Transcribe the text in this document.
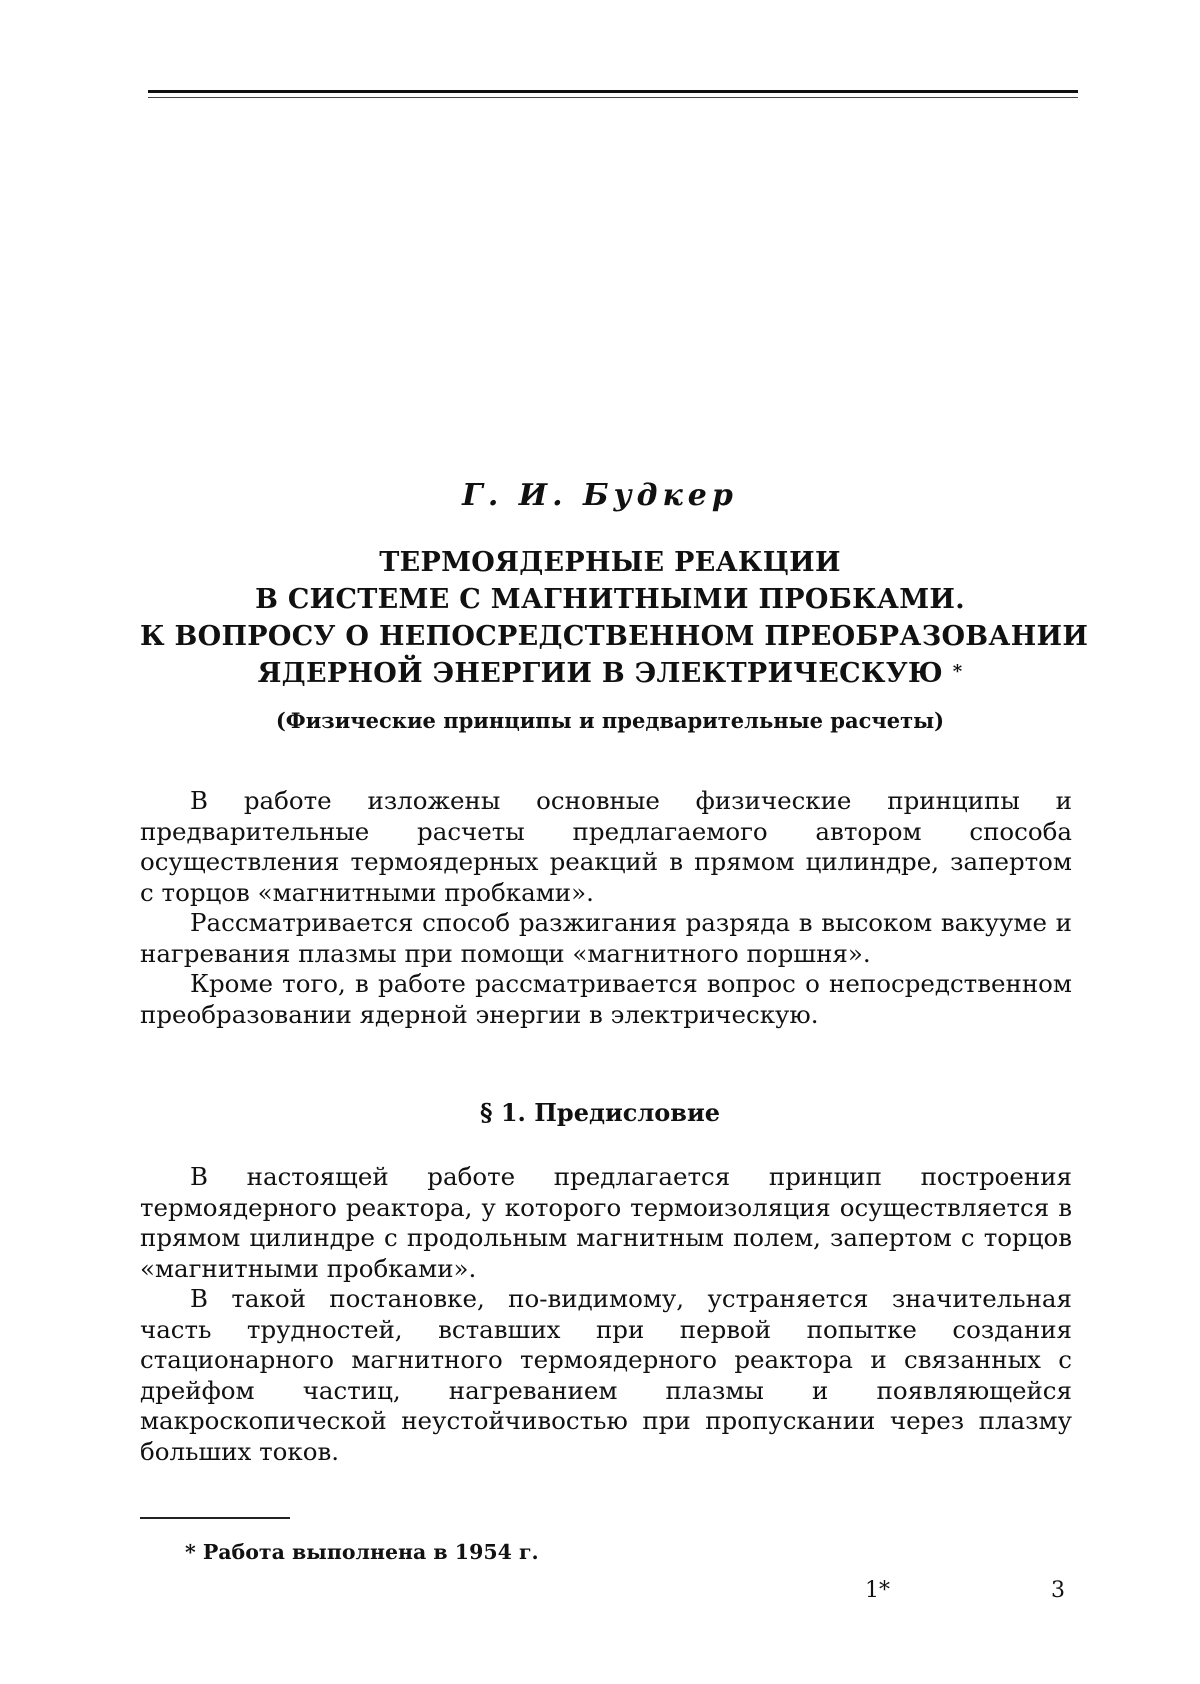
Г. И. Будкер
ТЕРМОЯДЕРНЫЕ РЕАКЦИИ
В СИСТЕМЕ С МАГНИТНЫМИ ПРОБКАМИ.
К ВОПРОСУ О НЕПОСРЕДСТВЕННОМ ПРЕОБРАЗОВАНИИ
ЯДЕРНОЙ ЭНЕРГИИ В ЭЛЕКТРИЧЕСКУЮ *
(Физические принципы и предварительные расчеты)

В работе изложены основные физические принципы и предварительные расчеты предлагаемого автором способа осуществления термоядерных реакций в прямом цилиндре, запертом с торцов «магнитными пробками».

Рассматривается способ разжигания разряда в высоком вакууме и нагревания плазмы при помощи «магнитного поршня».

Кроме того, в работе рассматривается вопрос о непосредственном преобразовании ядерной энергии в электрическую.

§ 1. Предисловие

В настоящей работе предлагается принцип построения термоядерного реактора, у которого термоизоляция осуществляется в прямом цилиндре с продольным магнитным полем, запертом с торцов «магнитными пробками».

В такой постановке, по-видимому, устраняется значительная часть трудностей, вставших при первой попытке создания стационарного магнитного термоядерного реактора и связанных с дрейфом частиц, нагреванием плазмы и появляющейся макроскопической неустойчивостью при пропускании через плазму больших токов.

* Работа выполнена в 1954 г.
1*	3
